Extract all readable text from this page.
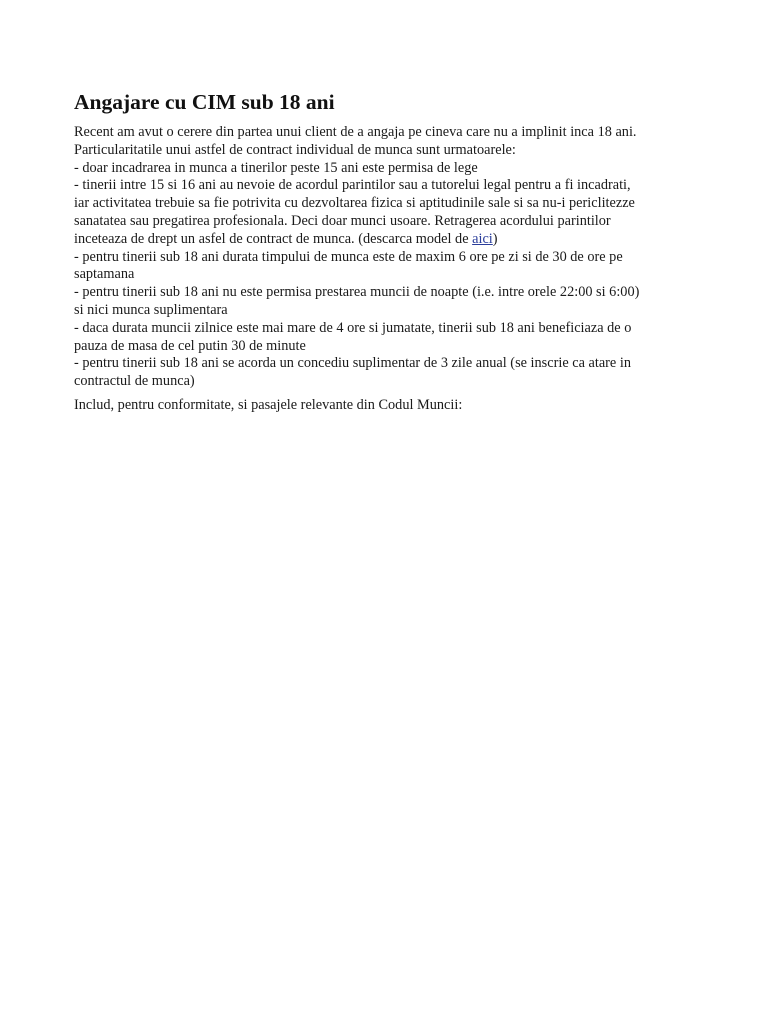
Angajare cu CIM sub 18 ani
Recent am avut o cerere din partea unui client de a angaja pe cineva care nu a implinit inca 18 ani.
Particularitatile unui astfel de contract individual de munca sunt urmatoarele:
- doar incadrarea in munca a tinerilor peste 15 ani este permisa de lege
- tinerii intre 15 si 16 ani au nevoie de acordul parintilor sau a tutorelui legal pentru a fi incadrati,
iar activitatea trebuie sa fie potrivita cu dezvoltarea fizica si aptitudinile sale si sa nu-i periclitezze
sanatatea sau pregatirea profesionala. Deci doar munci usoare. Retragerea acordului parintilor
inceteaza de drept un asfel de contract de munca. (descarca model de aici)
- pentru tinerii sub 18 ani durata timpului de munca este de maxim 6 ore pe zi si de 30 de ore pe
saptamana
- pentru tinerii sub 18 ani nu este permisa prestarea muncii de noapte (i.e. intre orele 22:00 si 6:00)
si nici munca suplimentara
- daca durata muncii zilnice este mai mare de 4 ore si jumatate, tinerii sub 18 ani beneficiaza de o
pauza de masa de cel putin 30 de minute
- pentru tinerii sub 18 ani se acorda un concediu suplimentar de 3 zile anual (se inscrie ca atare in
contractul de munca)

Includ, pentru conformitate, si pasajele relevante din Codul Muncii:
